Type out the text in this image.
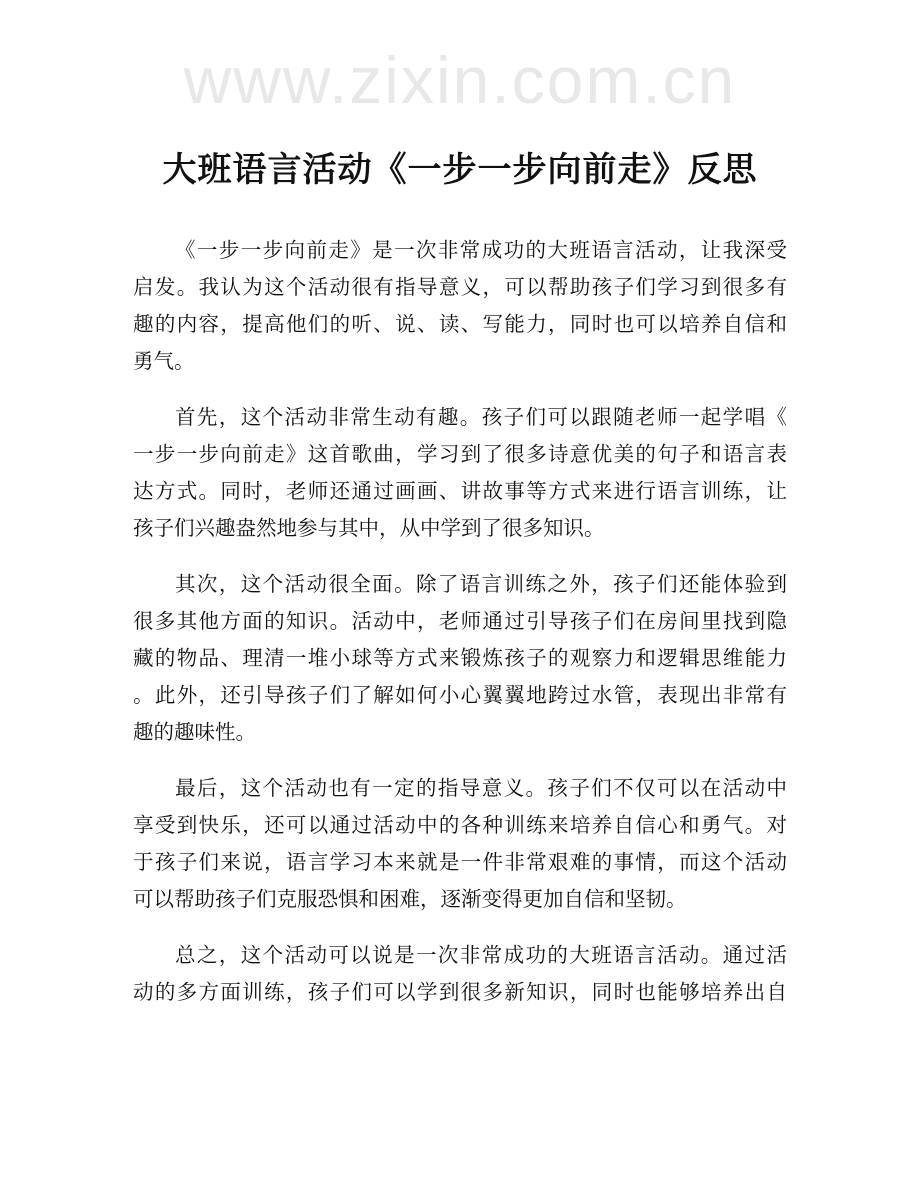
www.zixin.com.cn
大班语言活动《一步一步向前走》反思
《一步一步向前走》是一次非常成功的大班语言活动，让我深受
启发。我认为这个活动很有指导意义，可以帮助孩子们学习到很多有
趣的内容，提高他们的听、说、读、写能力，同时也可以培养自信和
勇气。
首先，这个活动非常生动有趣。孩子们可以跟随老师一起学唱《
一步一步向前走》这首歌曲，学习到了很多诗意优美的句子和语言表
达方式。同时，老师还通过画画、讲故事等方式来进行语言训练，让
孩子们兴趣盎然地参与其中，从中学到了很多知识。
其次，这个活动很全面。除了语言训练之外，孩子们还能体验到
很多其他方面的知识。活动中，老师通过引导孩子们在房间里找到隐
藏的物品、理清一堆小球等方式来锻炼孩子的观察力和逻辑思维能力
。此外，还引导孩子们了解如何小心翼翼地跨过水管，表现出非常有
趣的趣味性。
最后，这个活动也有一定的指导意义。孩子们不仅可以在活动中
享受到快乐，还可以通过活动中的各种训练来培养自信心和勇气。对
于孩子们来说，语言学习本来就是一件非常艰难的事情，而这个活动
可以帮助孩子们克服恐惧和困难，逐渐变得更加自信和坚韧。
总之，这个活动可以说是一次非常成功的大班语言活动。通过活
动的多方面训练，孩子们可以学到很多新知识，同时也能够培养出自
